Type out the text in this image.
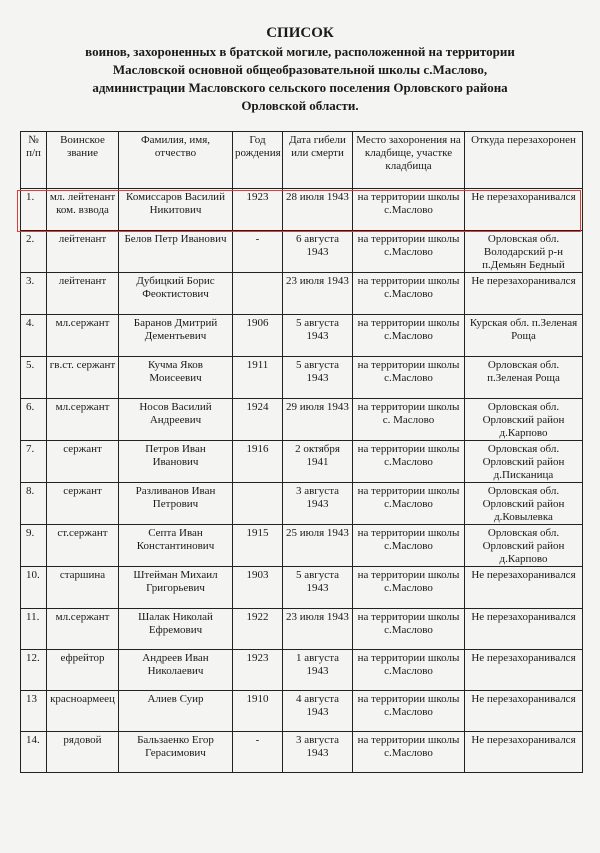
СПИСОК
воинов, захороненных в братской могиле, расположенной на территории
Масловской основной общеобразовательной школы с.Маслово,
администрации Масловского сельского поселения Орловского района
Орловской области.
№ п/п	Воинское звание	Фамилия, имя, отчество	Год рождения	Дата гибели или смерти	Место захоронения на кладбище, участке кладбища	Откуда перезахоронен
1.	мл. лейтенант ком. взвода	Комиссаров Василий Никитович	1923	28 июля 1943	на территории школы с.Маслово	Не перезахоранивался
2.	лейтенант	Белов Петр Иванович	-	6 августа 1943	на территории школы с.Маслово	Орловская обл. Володарский р-н п.Демьян Бедный
3.	лейтенант	Дубицкий Борис Феоктистович		23 июля 1943	на территории школы с.Маслово	Не перезахоранивался
4.	мл.сержант	Баранов Дмитрий Дементьевич	1906	5 августа 1943	на территории школы с.Маслово	Курская обл. п.Зеленая Роща
5.	гв.ст. сержант	Кучма Яков Моисеевич	1911	5 августа 1943	на территории школы с.Маслово	Орловская обл. п.Зеленая Роща
6.	мл.сержант	Носов Василий Андреевич	1924	29 июля 1943	на территории школы с. Маслово	Орловская обл. Орловский район д.Карпово
7.	сержант	Петров Иван Иванович	1916	2 октября 1941	на территории школы с.Маслово	Орловская обл. Орловский район д.Писканица
8.	сержант	Разливанов Иван Петрович		3 августа 1943	на территории школы с.Маслово	Орловская обл. Орловский район д.Ковылевка
9.	ст.сержант	Септа Иван Константинович	1915	25 июля 1943	на территории школы с.Маслово	Орловская обл. Орловский район д.Карпово
10.	старшина	Штейман Михаил Григорьевич	1903	5 августа 1943	на территории школы с.Маслово	Не перезахоранивался
11.	мл.сержант	Шалак Николай Ефремович	1922	23 июля 1943	на территории школы с.Маслово	Не перезахоранивался
12.	ефрейтор	Андреев Иван Николаевич	1923	1 августа 1943	на территории школы с.Маслово	Не перезахоранивался
13	красноармеец	Алиев Суир	1910	4 августа 1943	на территории школы с.Маслово	Не перезахоранивался
14.	рядовой	Бальзаенко Егор Герасимович	-	3 августа 1943	на территории школы с.Маслово	Не перезахоранивался
